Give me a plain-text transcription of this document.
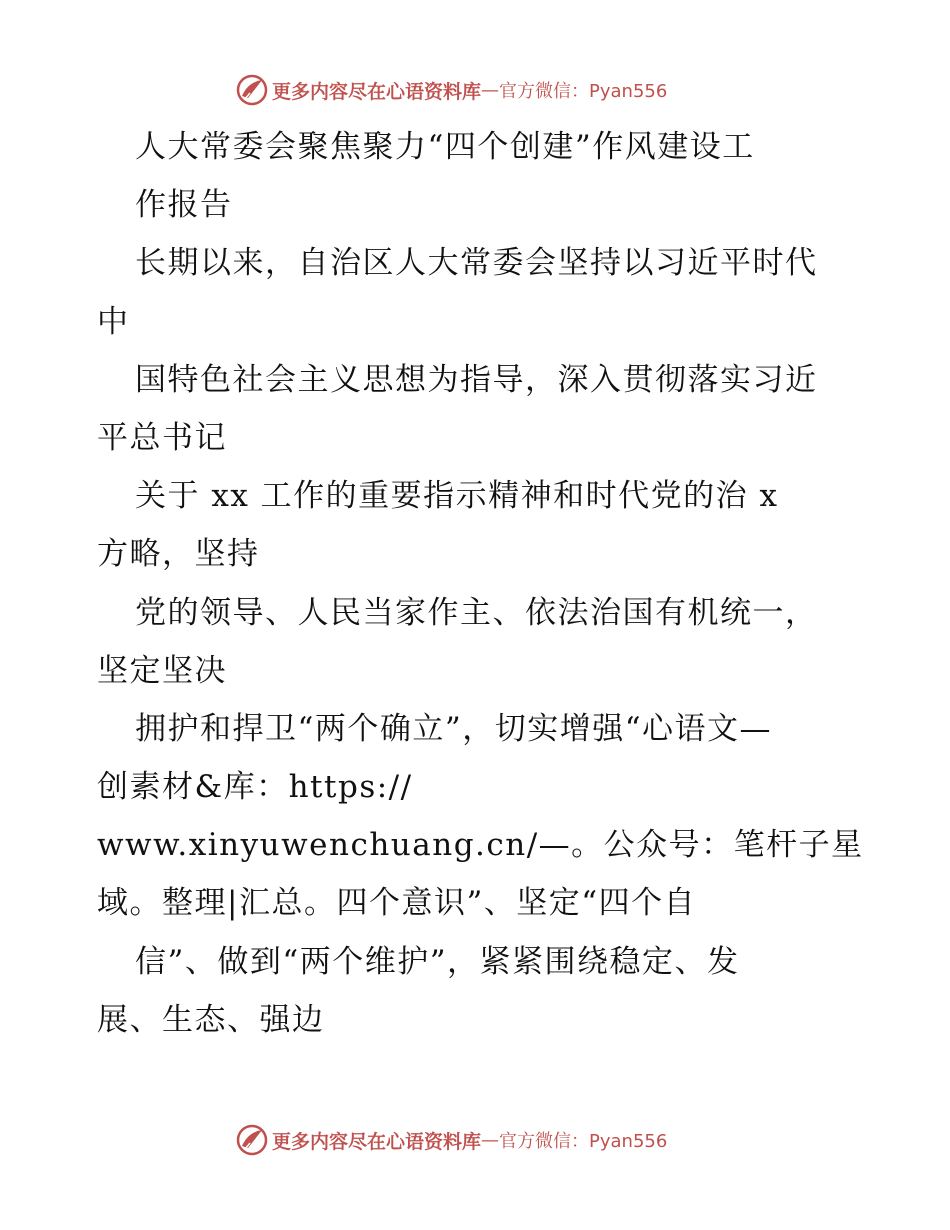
更多内容尽在心语资料库 — 官方微信：Pyan556
人大常委会聚焦聚力“四个创建”作风建设工
作报告
长期以来，自治区人大常委会坚持以习近平时代
中
国特色社会主义思想为指导，深入贯彻落实习近
平总书记
关于 xx 工作的重要指示精神和时代党的治 x
方略，坚持
党的领导、人民当家作主、依法治国有机统一，
坚定坚决
拥护和捍卫“两个确立”，切实增强“心语文—
创素材&库：https://
www.xinyuwenchuang.cn/—。公众号：笔杆子星
域。整理|汇总。四个意识”、坚定“四个自
信”、做到“两个维护”，紧紧围绕稳定、发
展、生态、强边
更多内容尽在心语资料库 — 官方微信：Pyan556
